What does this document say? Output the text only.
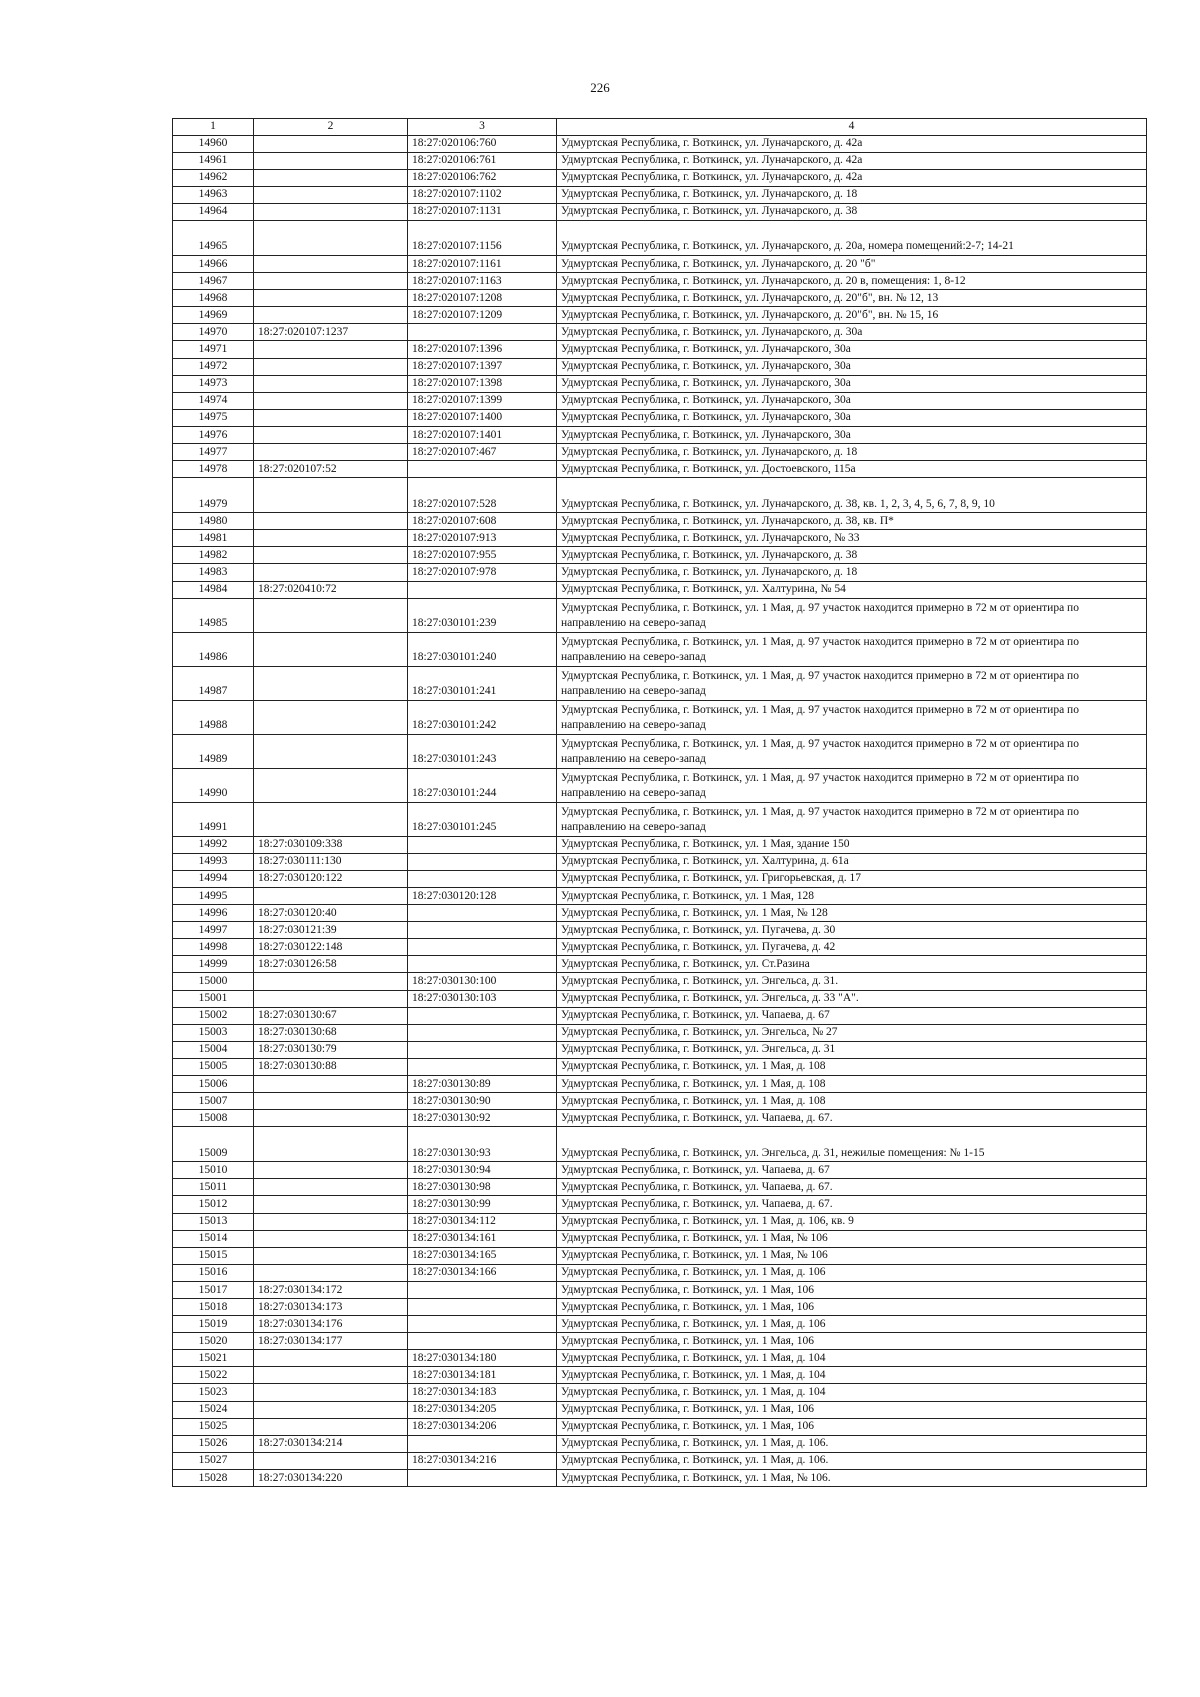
226
1	2	3	4
14960		18:27:020106:760	Удмуртская Республика, г. Воткинск, ул. Луначарского, д. 42а
14961		18:27:020106:761	Удмуртская Республика, г. Воткинск, ул. Луначарского, д. 42а
14962		18:27:020106:762	Удмуртская Республика, г. Воткинск, ул. Луначарского, д. 42а
14963		18:27:020107:1102	Удмуртская Республика, г. Воткинск, ул. Луначарского, д. 18
14964		18:27:020107:1131	Удмуртская Республика, г. Воткинск, ул. Луначарского, д. 38
14965		18:27:020107:1156	Удмуртская Республика, г. Воткинск, ул. Луначарского, д. 20а, номера помещений:2-7; 14-21
14966		18:27:020107:1161	Удмуртская Республика, г. Воткинск, ул. Луначарского, д. 20 "б"
14967		18:27:020107:1163	Удмуртская Республика, г. Воткинск, ул. Луначарского, д. 20 в, помещения: 1, 8-12
14968		18:27:020107:1208	Удмуртская Республика, г. Воткинск, ул. Луначарского, д. 20"б", вн. № 12, 13
14969		18:27:020107:1209	Удмуртская Республика, г. Воткинск, ул. Луначарского, д. 20"б", вн. № 15, 16
14970	18:27:020107:1237		Удмуртская Республика, г. Воткинск, ул. Луначарского, д. 30а
14971		18:27:020107:1396	Удмуртская Республика, г. Воткинск, ул. Луначарского, 30а
14972		18:27:020107:1397	Удмуртская Республика, г. Воткинск, ул. Луначарского, 30а
14973		18:27:020107:1398	Удмуртская Республика, г. Воткинск, ул. Луначарского, 30а
14974		18:27:020107:1399	Удмуртская Республика, г. Воткинск, ул. Луначарского, 30а
14975		18:27:020107:1400	Удмуртская Республика, г. Воткинск, ул. Луначарского, 30а
14976		18:27:020107:1401	Удмуртская Республика, г. Воткинск, ул. Луначарского, 30а
14977		18:27:020107:467	Удмуртская Республика, г. Воткинск, ул. Луначарского, д. 18
14978	18:27:020107:52		Удмуртская Республика, г. Воткинск, ул. Достоевского, 115а
14979		18:27:020107:528	Удмуртская Республика, г. Воткинск, ул. Луначарского, д. 38, кв. 1, 2, 3, 4, 5, 6, 7, 8, 9, 10
14980		18:27:020107:608	Удмуртская Республика, г. Воткинск, ул. Луначарского, д. 38, кв. П*
14981		18:27:020107:913	Удмуртская Республика, г. Воткинск, ул. Луначарского, № 33
14982		18:27:020107:955	Удмуртская Республика, г. Воткинск, ул. Луначарского, д. 38
14983		18:27:020107:978	Удмуртская Республика, г. Воткинск, ул. Луначарского, д. 18
14984	18:27:020410:72		Удмуртская Республика, г. Воткинск, ул. Халтурина, № 54
14985		18:27:030101:239	Удмуртская Республика, г. Воткинск, ул. 1 Мая, д. 97 участок находится примерно в 72 м от ориентира по направлению на северо-запад
14986		18:27:030101:240	Удмуртская Республика, г. Воткинск, ул. 1 Мая, д. 97 участок находится примерно в 72 м от ориентира по направлению на северо-запад
14987		18:27:030101:241	Удмуртская Республика, г. Воткинск, ул. 1 Мая, д. 97 участок находится примерно в 72 м от ориентира по направлению на северо-запад
14988		18:27:030101:242	Удмуртская Республика, г. Воткинск, ул. 1 Мая, д. 97 участок находится примерно в 72 м от ориентира по направлению на северо-запад
14989		18:27:030101:243	Удмуртская Республика, г. Воткинск, ул. 1 Мая, д. 97 участок находится примерно в 72 м от ориентира по направлению на северо-запад
14990		18:27:030101:244	Удмуртская Республика, г. Воткинск, ул. 1 Мая, д. 97 участок находится примерно в 72 м от ориентира по направлению на северо-запад
14991		18:27:030101:245	Удмуртская Республика, г. Воткинск, ул. 1 Мая, д. 97 участок находится примерно в 72 м от ориентира по направлению на северо-запад
14992	18:27:030109:338		Удмуртская Республика, г. Воткинск, ул. 1 Мая, здание 150
14993	18:27:030111:130		Удмуртская Республика, г. Воткинск, ул. Халтурина, д. 61а
14994	18:27:030120:122		Удмуртская Республика, г. Воткинск, ул. Григорьевская, д. 17
14995		18:27:030120:128	Удмуртская Республика, г. Воткинск, ул. 1 Мая, 128
14996	18:27:030120:40		Удмуртская Республика, г. Воткинск, ул. 1 Мая, № 128
14997	18:27:030121:39		Удмуртская Республика, г. Воткинск, ул. Пугачева, д. 30
14998	18:27:030122:148		Удмуртская Республика, г. Воткинск, ул. Пугачева, д. 42
14999	18:27:030126:58		Удмуртская Республика, г. Воткинск, ул. Ст.Разина
15000		18:27:030130:100	Удмуртская Республика, г. Воткинск, ул. Энгельса, д. 31.
15001		18:27:030130:103	Удмуртская Республика, г. Воткинск, ул. Энгельса, д. 33 "А".
15002	18:27:030130:67		Удмуртская Республика, г. Воткинск, ул. Чапаева, д. 67
15003	18:27:030130:68		Удмуртская Республика, г. Воткинск, ул. Энгельса, № 27
15004	18:27:030130:79		Удмуртская Республика, г. Воткинск, ул. Энгельса, д. 31
15005	18:27:030130:88		Удмуртская Республика, г. Воткинск, ул. 1 Мая, д. 108
15006		18:27:030130:89	Удмуртская Республика, г. Воткинск, ул. 1 Мая, д. 108
15007		18:27:030130:90	Удмуртская Республика, г. Воткинск, ул. 1 Мая, д. 108
15008		18:27:030130:92	Удмуртская Республика, г. Воткинск, ул. Чапаева, д. 67.
15009		18:27:030130:93	Удмуртская Республика, г. Воткинск, ул. Энгельса, д. 31, нежилые помещения: № 1-15
15010		18:27:030130:94	Удмуртская Республика, г. Воткинск, ул. Чапаева, д. 67
15011		18:27:030130:98	Удмуртская Республика, г. Воткинск, ул. Чапаева, д. 67.
15012		18:27:030130:99	Удмуртская Республика, г. Воткинск, ул. Чапаева, д. 67.
15013		18:27:030134:112	Удмуртская Республика, г. Воткинск, ул. 1 Мая, д. 106, кв. 9
15014		18:27:030134:161	Удмуртская Республика, г. Воткинск, ул. 1 Мая, № 106
15015		18:27:030134:165	Удмуртская Республика, г. Воткинск, ул. 1 Мая, № 106
15016		18:27:030134:166	Удмуртская Республика, г. Воткинск, ул. 1 Мая, д. 106
15017	18:27:030134:172		Удмуртская Республика, г. Воткинск, ул. 1 Мая, 106
15018	18:27:030134:173		Удмуртская Республика, г. Воткинск, ул. 1 Мая, 106
15019	18:27:030134:176		Удмуртская Республика, г. Воткинск, ул. 1 Мая, д. 106
15020	18:27:030134:177		Удмуртская Республика, г. Воткинск, ул. 1 Мая, 106
15021		18:27:030134:180	Удмуртская Республика, г. Воткинск, ул. 1 Мая, д. 104
15022		18:27:030134:181	Удмуртская Республика, г. Воткинск, ул. 1 Мая, д. 104
15023		18:27:030134:183	Удмуртская Республика, г. Воткинск, ул. 1 Мая, д. 104
15024		18:27:030134:205	Удмуртская Республика, г. Воткинск, ул. 1 Мая, 106
15025		18:27:030134:206	Удмуртская Республика, г. Воткинск, ул. 1 Мая, 106
15026	18:27:030134:214		Удмуртская Республика, г. Воткинск, ул. 1 Мая, д. 106.
15027		18:27:030134:216	Удмуртская Республика, г. Воткинск, ул. 1 Мая, д. 106.
15028	18:27:030134:220		Удмуртская Республика, г. Воткинск, ул. 1 Мая, № 106.
